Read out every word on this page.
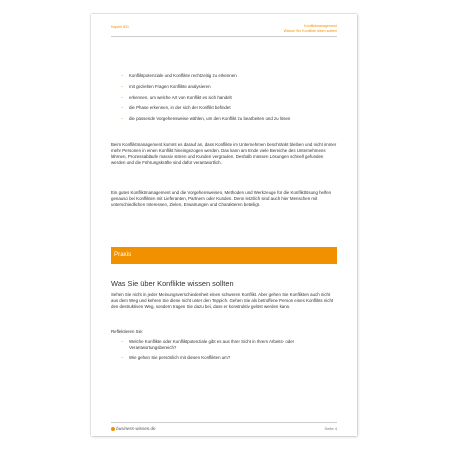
Kapitel 831	Konfliktmanagement
Warum Sie Konflikte lösen sollten
– Konfliktpotenziale und Konflikte rechtzeitig zu erkennen
– mit gezielten Fragen Konflikte analysieren
– erkennen, um welche Art von Konflikt es sich handelt
– die Phase erkennen, in der sich der Konflikt befindet
– die passende Vorgehensweise wählen, um den Konflikt zu bearbeiten und zu lösen

Beim Konfliktmanagement kommt es darauf an, dass Konflikte im Unternehmen beschränkt bleiben und nicht immer mehr Personen in einen Konflikt hineingezogen werden. Das kann am Ende viele Bereiche des Unternehmens lähmen, Prozessabläufe massiv stören und Kunden vergraulen. Deshalb müssen Lösungen schnell gefunden werden und die Führungskräfte sind dafür verantwortlich.

Ein gutes Konfliktmanagement und die Vorgehensweisen, Methoden und Werkzeuge für die Konfliktlösung helfen genauso bei Konflikten mit Lieferanten, Partnern oder Kunden. Denn letztlich sind auch hier Menschen mit unterschiedlichen Interessen, Zielen, Erwartungen und Charakteren beteiligt.

Praxis
Was Sie über Konflikte wissen sollten

Sehen Sie nicht in jeder Meinungsverschiedenheit einen schweren Konflikt. Aber gehen Sie Konflikten auch nicht aus dem Weg und kehren Sie diese nicht unter den Teppich. Gehen Sie als betroffene Person eines Konflikts nicht den destruktiven Weg, sondern tragen Sie dazu bei, dass er konstruktiv gelöst werden kann.

Reflektieren Sie:

– Welche Konflikte oder Konfliktpotenziale gibt es aus Ihrer Sicht in Ihrem Arbeits- oder Verantwortungsbereich?
– Wie gehen Sie persönlich mit diesen Konflikten um?
business-wissen.de	Seite 4
